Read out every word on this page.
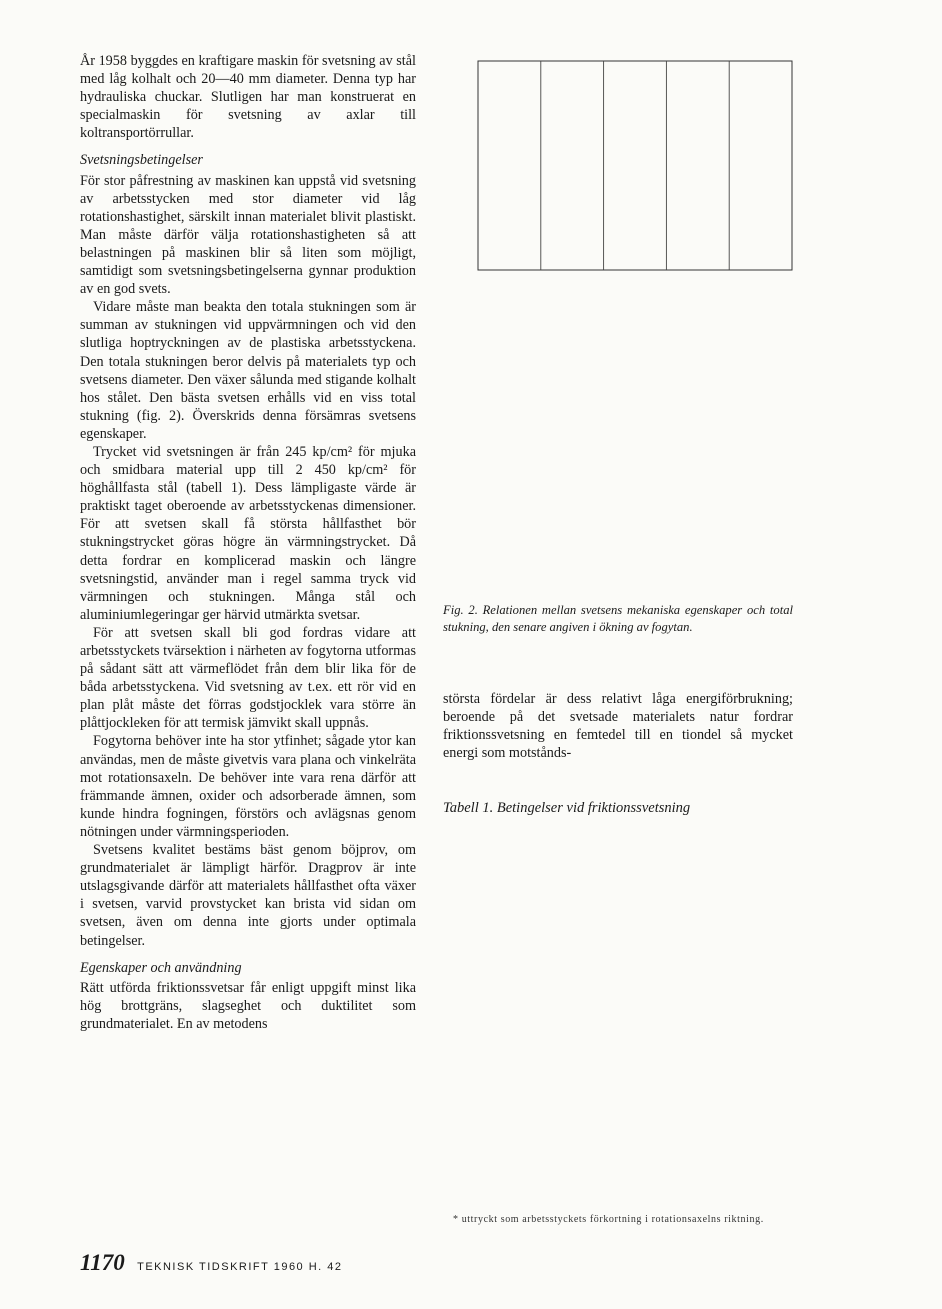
År 1958 byggdes en kraftigare maskin för svetsning av stål med låg kolhalt och 20—40 mm diameter. Denna typ har hydrauliska chuckar. Slutligen har man konstruerat en specialmaskin för svetsning av axlar till koltransportörrullar.

Svetsningsbetingelser

För stor påfrestning av maskinen kan uppstå vid svetsning av arbetsstycken med stor diameter vid låg rotationshastighet, särskilt innan materialet blivit plastiskt. Man måste därför välja rotationshastigheten så att belastningen på maskinen blir så liten som möjligt, samtidigt som svetsningsbetingelserna gynnar produktion av en god svets.

Vidare måste man beakta den totala stukningen som är summan av stukningen vid uppvärmningen och vid den slutliga hoptryckningen av de plastiska arbetsstyckena. Den totala stukningen beror delvis på materialets typ och svetsens diameter. Den växer sålunda med stigande kolhalt hos stålet. Den bästa svetsen erhålls vid en viss total stukning (fig. 2). Överskrids denna försämras svetsens egenskaper.

Trycket vid svetsningen är från 245 kp/cm² för mjuka och smidbara material upp till 2 450 kp/cm² för höghållfasta stål (tabell 1). Dess lämpligaste värde är praktiskt taget oberoende av arbetsstyckenas dimensioner. För att svetsen skall få största hållfasthet bör stukningstrycket göras högre än värmningstrycket. Då detta fordrar en komplicerad maskin och längre svetsningstid, använder man i regel samma tryck vid värmningen och stukningen. Många stål och aluminiumlegeringar ger härvid utmärkta svetsar.

För att svetsen skall bli god fordras vidare att arbetsstyckets tvärsektion i närheten av fogytorna utformas på sådant sätt att värmeflödet från dem blir lika för de båda arbetsstyckena. Vid svetsning av t.ex. ett rör vid en plan plåt måste det förras godstjocklek vara större än plåttjockleken för att termisk jämvikt skall uppnås.

Fogytorna behöver inte ha stor ytfinhet; sågade ytor kan användas, men de måste givetvis vara plana och vinkelräta mot rotationsaxeln. De behöver inte vara rena därför att främmande ämnen, oxider och adsorberade ämnen, som kunde hindra fogningen, förstörs och avlägsnas genom nötningen under värmningsperioden.

Svetsens kvalitet bestäms bäst genom böjprov, om grundmaterialet är lämpligt härför. Dragprov är inte utslagsgivande därför att materialets hållfasthet ofta växer i svetsen, varvid provstycket kan brista vid sidan om svetsen, även om denna inte gjorts under optimala betingelser.

Egenskaper och användning

Rätt utförda friktionssvetsar får enligt uppgift minst lika hög brottgräns, slagseghet och duktilitet som grundmaterialet. En av metodens

Fig. 2. Relationen mellan svetsens mekaniska egenskaper och total stukning, den senare angiven i ökning av fogytan.

största fördelar är dess relativt låga energiförbrukning; beroende på det svetsade materialets natur fordrar friktionssvetsning en femtedel till en tiondel så mycket energi som motstånds-

Tabell 1. Betingelser vid friktionssvetsning
* uttryckt som arbetsstyckets förkortning i rotationsaxelns riktning.
1170 TEKNISK TIDSKRIFT 1960 H. 42
